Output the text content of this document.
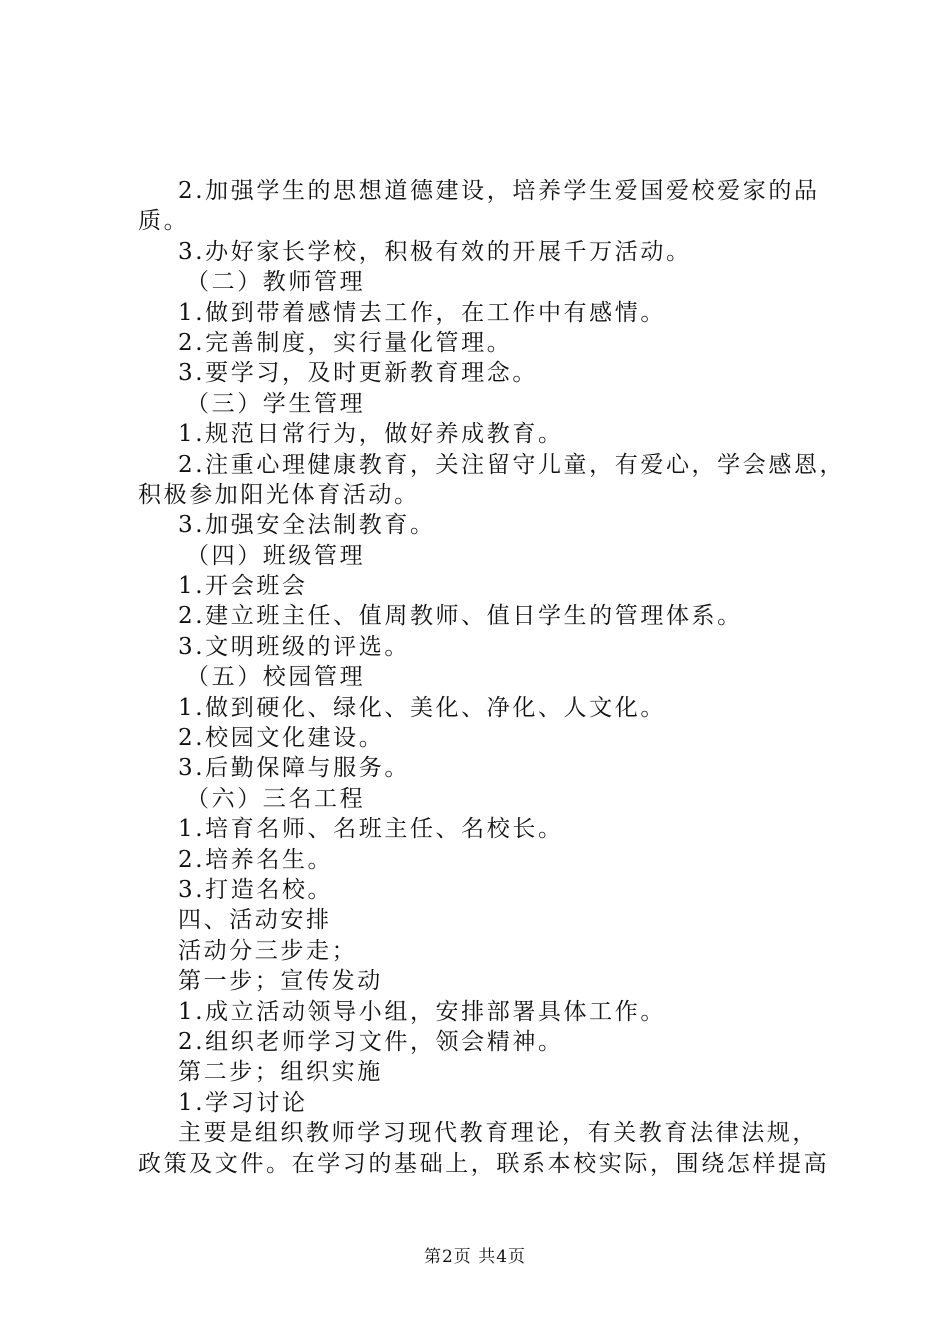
2.加强学生的思想道德建设，培养学生爱国爱校爱家的品
质。
3.办好家长学校，积极有效的开展千万活动。
（二）教师管理
1.做到带着感情去工作，在工作中有感情。
2.完善制度，实行量化管理。
3.要学习，及时更新教育理念。
（三）学生管理
1.规范日常行为，做好养成教育。
2.注重心理健康教育，关注留守儿童，有爱心，学会感恩，
积极参加阳光体育活动。
3.加强安全法制教育。
（四）班级管理
1.开会班会
2.建立班主任、值周教师、值日学生的管理体系。
3.文明班级的评选。
（五）校园管理
1.做到硬化、绿化、美化、净化、人文化。
2.校园文化建设。
3.后勤保障与服务。
（六）三名工程
1.培育名师、名班主任、名校长。
2.培养名生。
3.打造名校。
四、活动安排
活动分三步走；
第一步；宣传发动
1.成立活动领导小组，安排部署具体工作。
2.组织老师学习文件，领会精神。
第二步；组织实施
1.学习讨论
主要是组织教师学习现代教育理论，有关教育法律法规，
政策及文件。在学习的基础上，联系本校实际，围绕怎样提高
第2页 共4页
